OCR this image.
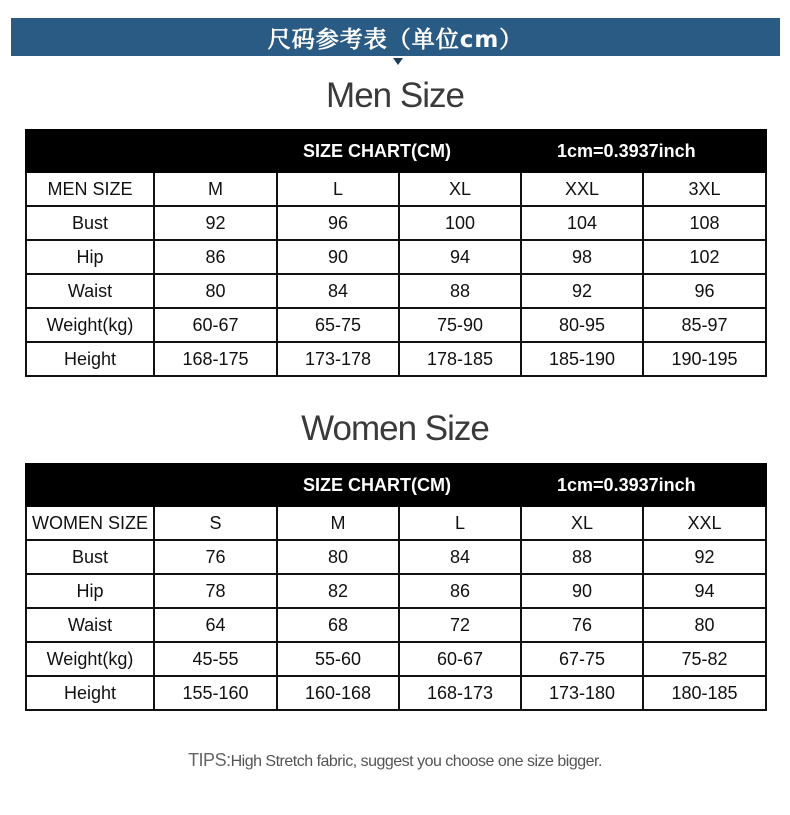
尺码参考表（单位cm）
Men Size
		SIZE CHART(CM)		1cm=0.3937inch	
MEN SIZE	M	L	XL	XXL	3XL
Bust	92	96	100	104	108
Hip	86	90	94	98	102
Waist	80	84	88	92	96
Weight(kg)	60-67	65-75	75-90	80-95	85-97
Height	168-175	173-178	178-185	185-190	190-195
Women Size
		SIZE CHART(CM)		1cm=0.3937inch	
WOMEN SIZE	S	M	L	XL	XXL
Bust	76	80	84	88	92
Hip	78	82	86	90	94
Waist	64	68	72	76	80
Weight(kg)	45-55	55-60	60-67	67-75	75-82
Height	155-160	160-168	168-173	173-180	180-185
TIPS:High Stretch fabric, suggest you choose one size bigger.
